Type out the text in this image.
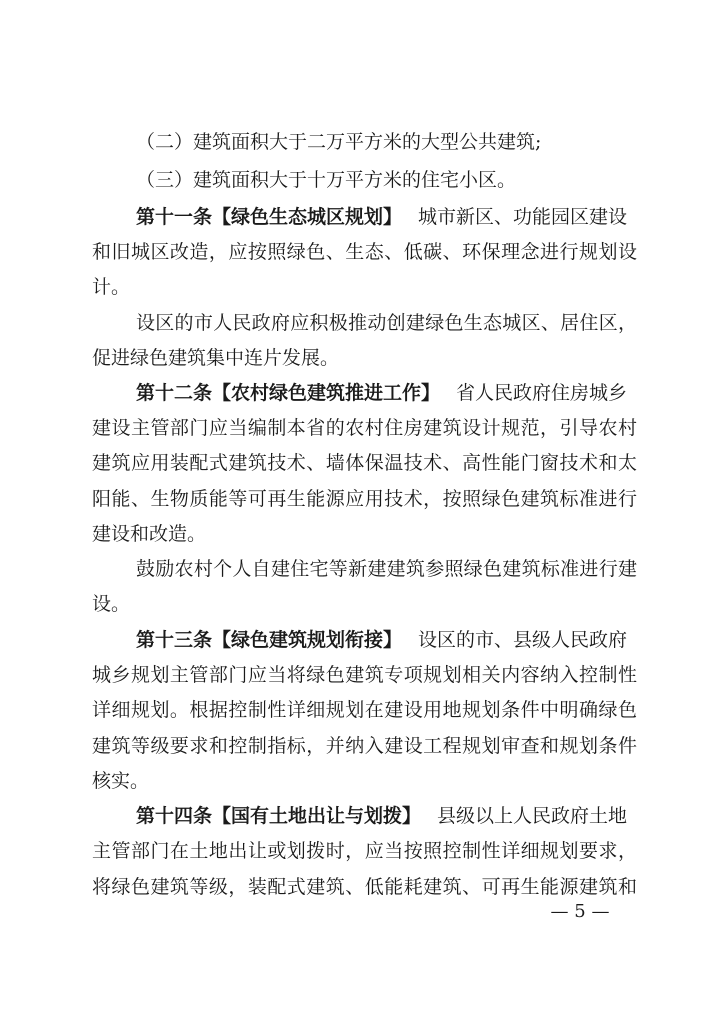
（二）建筑面积大于二万平方米的大型公共建筑;
（三）建筑面积大于十万平方米的住宅小区。
第十一条【绿色生态城区规划】 城市新区、功能园区建设
和旧城区改造，应按照绿色、生态、低碳、环保理念进行规划设
计。
设区的市人民政府应积极推动创建绿色生态城区、居住区，
促进绿色建筑集中连片发展。
第十二条【农村绿色建筑推进工作】 省人民政府住房城乡
建设主管部门应当编制本省的农村住房建筑设计规范，引导农村
建筑应用装配式建筑技术、墙体保温技术、高性能门窗技术和太
阳能、生物质能等可再生能源应用技术，按照绿色建筑标准进行
建设和改造。
鼓励农村个人自建住宅等新建建筑参照绿色建筑标准进行建
设。
第十三条【绿色建筑规划衔接】 设区的市、县级人民政府
城乡规划主管部门应当将绿色建筑专项规划相关内容纳入控制性
详细规划。根据控制性详细规划在建设用地规划条件中明确绿色
建筑等级要求和控制指标，并纳入建设工程规划审查和规划条件
核实。
第十四条【国有土地出让与划拨】 县级以上人民政府土地
主管部门在土地出让或划拨时，应当按照控制性详细规划要求，
将绿色建筑等级，装配式建筑、低能耗建筑、可再生能源建筑和
— 5 —
